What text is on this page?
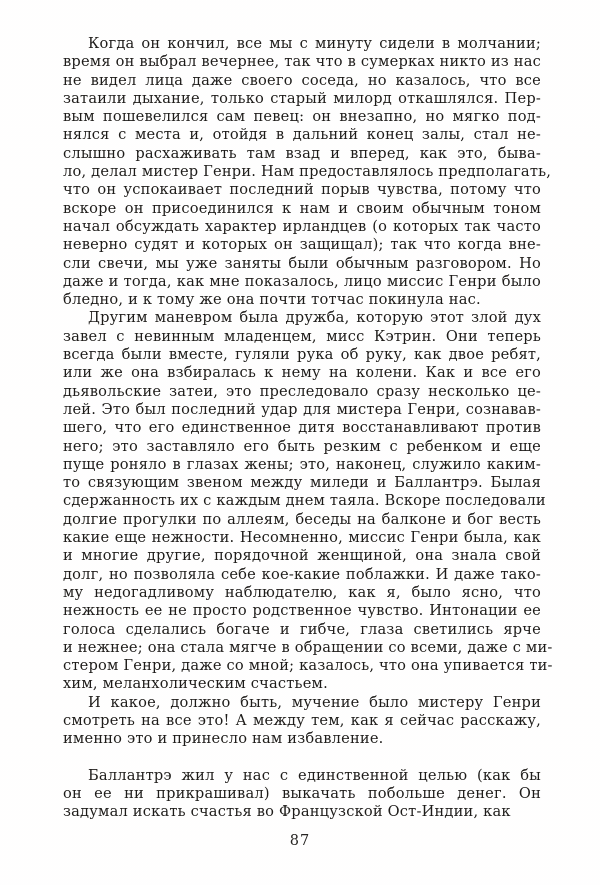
Когда он кончил, все мы с минуту сидели в молчании;
время он выбрал вечернее, так что в сумерках никто из нас
не видел лица даже своего соседа, но казалось, что все
затаили дыхание, только старый милорд откашлялся. Пер-
вым пошевелился сам певец: он внезапно, но мягко под-
нялся с места и, отойдя в дальний конец залы, стал не-
слышно расхаживать там взад и вперед, как это, быва-
ло, делал мистер Генри. Нам предоставлялось предполагать,
что он успокаивает последний порыв чувства, потому что
вскоре он присоединился к нам и своим обычным тоном
начал обсуждать характер ирландцев (о которых так часто
неверно судят и которых он защищал); так что когда вне-
сли свечи, мы уже заняты были обычным разговором. Но
даже и тогда, как мне показалось, лицо миссис Генри было
бледно, и к тому же она почти тотчас покинула нас.
Другим маневром была дружба, которую этот злой дух
завел с невинным младенцем, мисс Кэтрин. Они теперь
всегда были вместе, гуляли рука об руку, как двое ребят,
или же она взбиралась к нему на колени. Как и все его
дьявольские затеи, это преследовало сразу несколько це-
лей. Это был последний удар для мистера Генри, сознавав-
шего, что его единственное дитя восстанавливают против
него; это заставляло его быть резким с ребенком и еще
пуще роняло в глазах жены; это, наконец, служило каким-
то связующим звеном между миледи и Баллантрэ. Былая
сдержанность их с каждым днем таяла. Вскоре последовали
долгие прогулки по аллеям, беседы на балконе и бог весть
какие еще нежности. Несомненно, миссис Генри была, как
и многие другие, порядочной женщиной, она знала свой
долг, но позволяла себе кое-какие поблажки. И даже тако-
му недогадливому наблюдателю, как я, было ясно, что
нежность ее не просто родственное чувство. Интонации ее
голоса сделались богаче и гибче, глаза светились ярче
и нежнее; она стала мягче в обращении со всеми, даже с ми-
стером Генри, даже со мной; казалось, что она упивается ти-
хим, меланхолическим счастьем.
И какое, должно быть, мучение было мистеру Генри
смотреть на все это! А между тем, как я сейчас расскажу,
именно это и принесло нам избавление.
Баллантрэ жил у нас с единственной целью (как бы
он ее ни прикрашивал) выкачать побольше денег. Он
задумал искать счастья во Французской Ост-Индии, как
87
